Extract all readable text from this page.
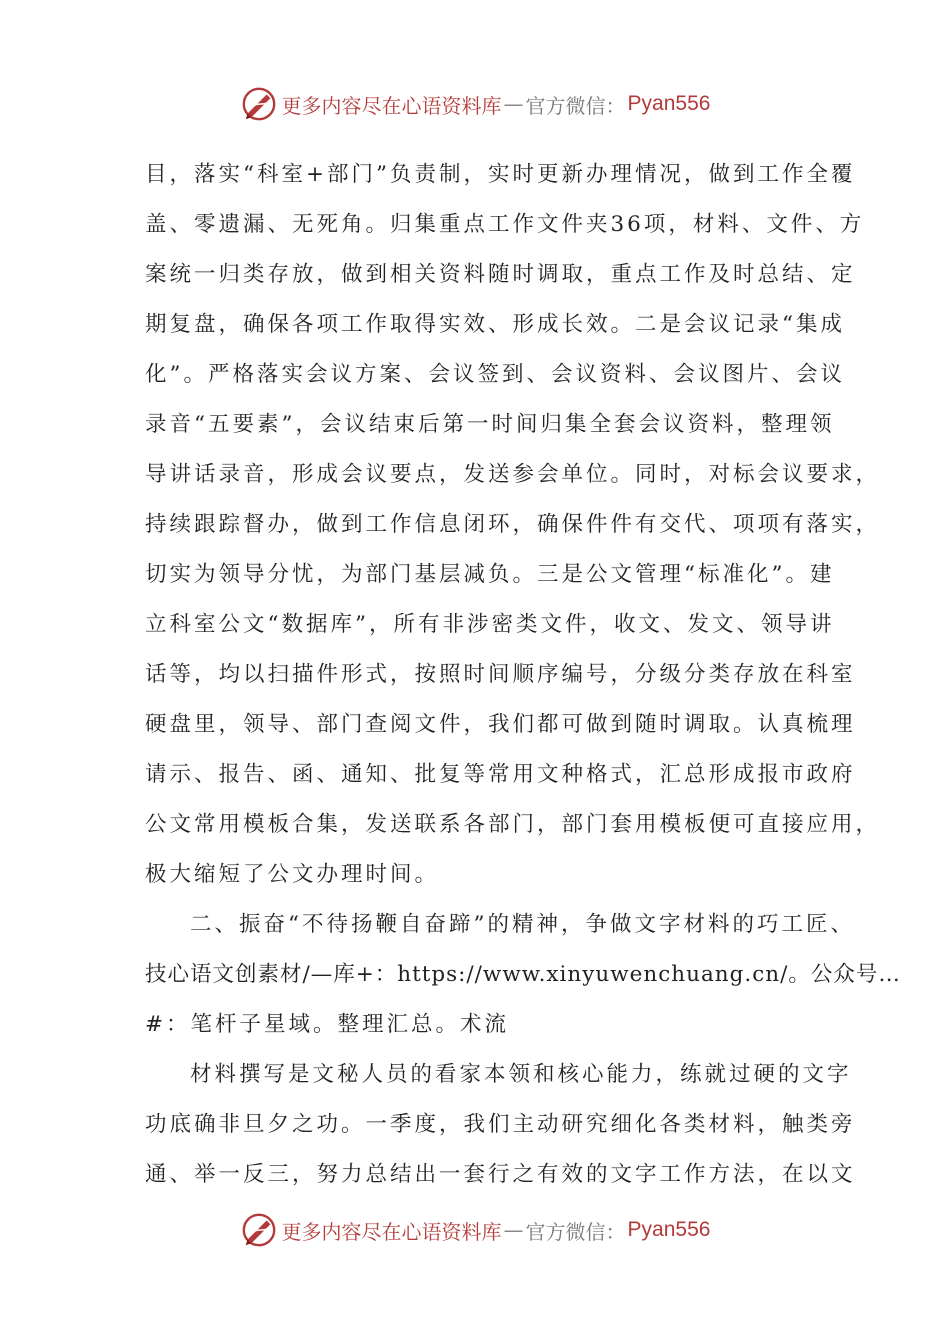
更多内容尽在心语资料库 — 官方微信： Pyan556
目，落实“科室+部门”负责制，实时更新办理情况，做到工作全覆
盖、零遗漏、无死角。归集重点工作文件夹36项，材料、文件、方
案统一归类存放，做到相关资料随时调取，重点工作及时总结、定
期复盘，确保各项工作取得实效、形成长效。二是会议记录“集成
化”。严格落实会议方案、会议签到、会议资料、会议图片、会议
录音“五要素”，会议结束后第一时间归集全套会议资料，整理领
导讲话录音，形成会议要点，发送参会单位。同时，对标会议要求，
持续跟踪督办，做到工作信息闭环，确保件件有交代、项项有落实，
切实为领导分忧，为部门基层减负。三是公文管理“标准化”。建
立科室公文“数据库”，所有非涉密类文件，收文、发文、领导讲
话等，均以扫描件形式，按照时间顺序编号，分级分类存放在科室
硬盘里，领导、部门查阅文件，我们都可做到随时调取。认真梳理
请示、报告、函、通知、批复等常用文种格式，汇总形成报市政府
公文常用模板合集，发送联系各部门，部门套用模板便可直接应用，
极大缩短了公文办理时间。
二、振奋“不待扬鞭自奋蹄”的精神，争做文字材料的巧工匠、
技心语文创素材/—库+：https://www.xinyuwenchuang.cn/。公众号…
#：笔杆子星域。整理汇总。术流
材料撰写是文秘人员的看家本领和核心能力，练就过硬的文字
功底确非旦夕之功。一季度，我们主动研究细化各类材料，触类旁
通、举一反三，努力总结出一套行之有效的文字工作方法，在以文
更多内容尽在心语资料库 — 官方微信： Pyan556
